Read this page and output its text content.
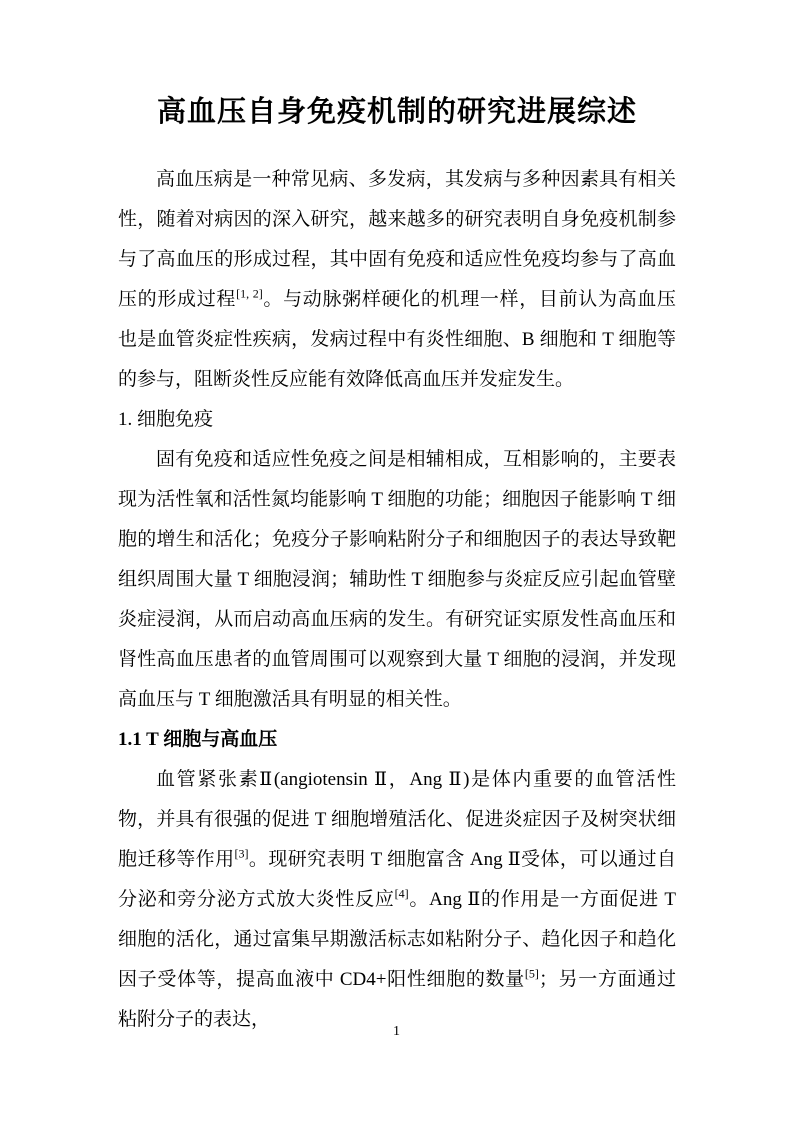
高血压自身免疫机制的研究进展综述

高血压病是一种常见病、多发病，其发病与多种因素具有相关性，随着对病因的深入研究，越来越多的研究表明自身免疫机制参与了高血压的形成过程，其中固有免疫和适应性免疫均参与了高血压的形成过程[1, 2]。与动脉粥样硬化的机理一样，目前认为高血压也是血管炎症性疾病，发病过程中有炎性细胞、B 细胞和 T 细胞等的参与，阻断炎性反应能有效降低高血压并发症发生。

1. 细胞免疫

固有免疫和适应性免疫之间是相辅相成，互相影响的，主要表现为活性氧和活性氮均能影响 T 细胞的功能；细胞因子能影响 T 细胞的增生和活化；免疫分子影响粘附分子和细胞因子的表达导致靶组织周围大量 T 细胞浸润；辅助性 T 细胞参与炎症反应引起血管壁炎症浸润，从而启动高血压病的发生。有研究证实原发性高血压和肾性高血压患者的血管周围可以观察到大量 T 细胞的浸润，并发现高血压与 T 细胞激活具有明显的相关性。

1.1 T 细胞与高血压

血管紧张素Ⅱ(angiotensin Ⅱ，Ang Ⅱ)是体内重要的血管活性物，并具有很强的促进 T 细胞增殖活化、促进炎症因子及树突状细胞迁移等作用[3]。现研究表明 T 细胞富含 Ang Ⅱ受体，可以通过自分泌和旁分泌方式放大炎性反应[4]。Ang Ⅱ的作用是一方面促进 T 细胞的活化，通过富集早期激活标志如粘附分子、趋化因子和趋化因子受体等，提高血液中 CD4+阳性细胞的数量[5]；另一方面通过粘附分子的表达，

1
